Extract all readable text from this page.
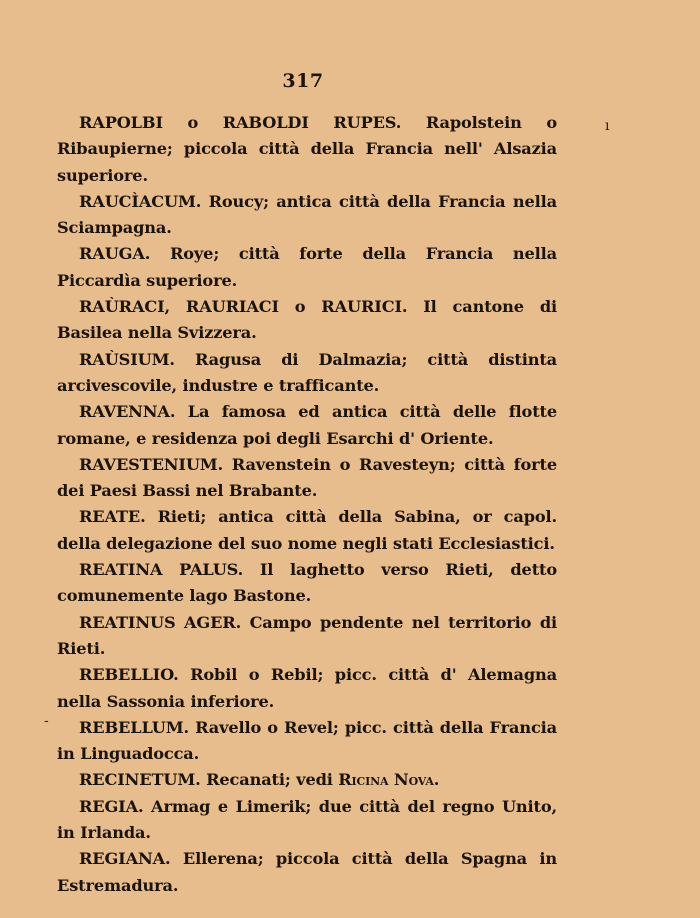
317
ı
-

RAPOLBI o RABOLDI RUPES. Rapolstein o Ribaupierne; piccola città della Francia nell' Alsazia superiore.

RAUCÌACUM. Roucy; antica città della Francia nella Sciampagna.

RAUGA. Roye; città forte della Francia nella Piccardìa superiore.

RAÙRACI, RAURIACI o RAURICI. Il cantone di Basilea nella Svizzera.

RAÙSIUM. Ragusa di Dalmazia; città distinta arcivescovile, industre e trafficante.

RAVENNA. La famosa ed antica città delle flotte romane, e residenza poi degli Esarchi d' Oriente.

RAVESTENIUM. Ravenstein o Ravesteyn; città forte dei Paesi Bassi nel Brabante.

REATE. Rieti; antica città della Sabina, or capol. della delegazione del suo nome negli stati Ecclesiastici.

REATINA PALUS. Il laghetto verso Rieti, detto comunemente lago Bastone.

REATINUS AGER. Campo pendente nel territorio di Rieti.

REBELLIO. Robil o Rebil; picc. città d' Alemagna nella Sassonia inferiore.

REBELLUM. Ravello o Revel; picc. città della Francia in Linguadocca.

RECINETUM. Recanati; vedi Ricina Nova.

REGIA. Armag e Limerik; due città del regno Unito, in Irlanda.

REGIANA. Ellerena; piccola città della Spagna in Estremadura.
